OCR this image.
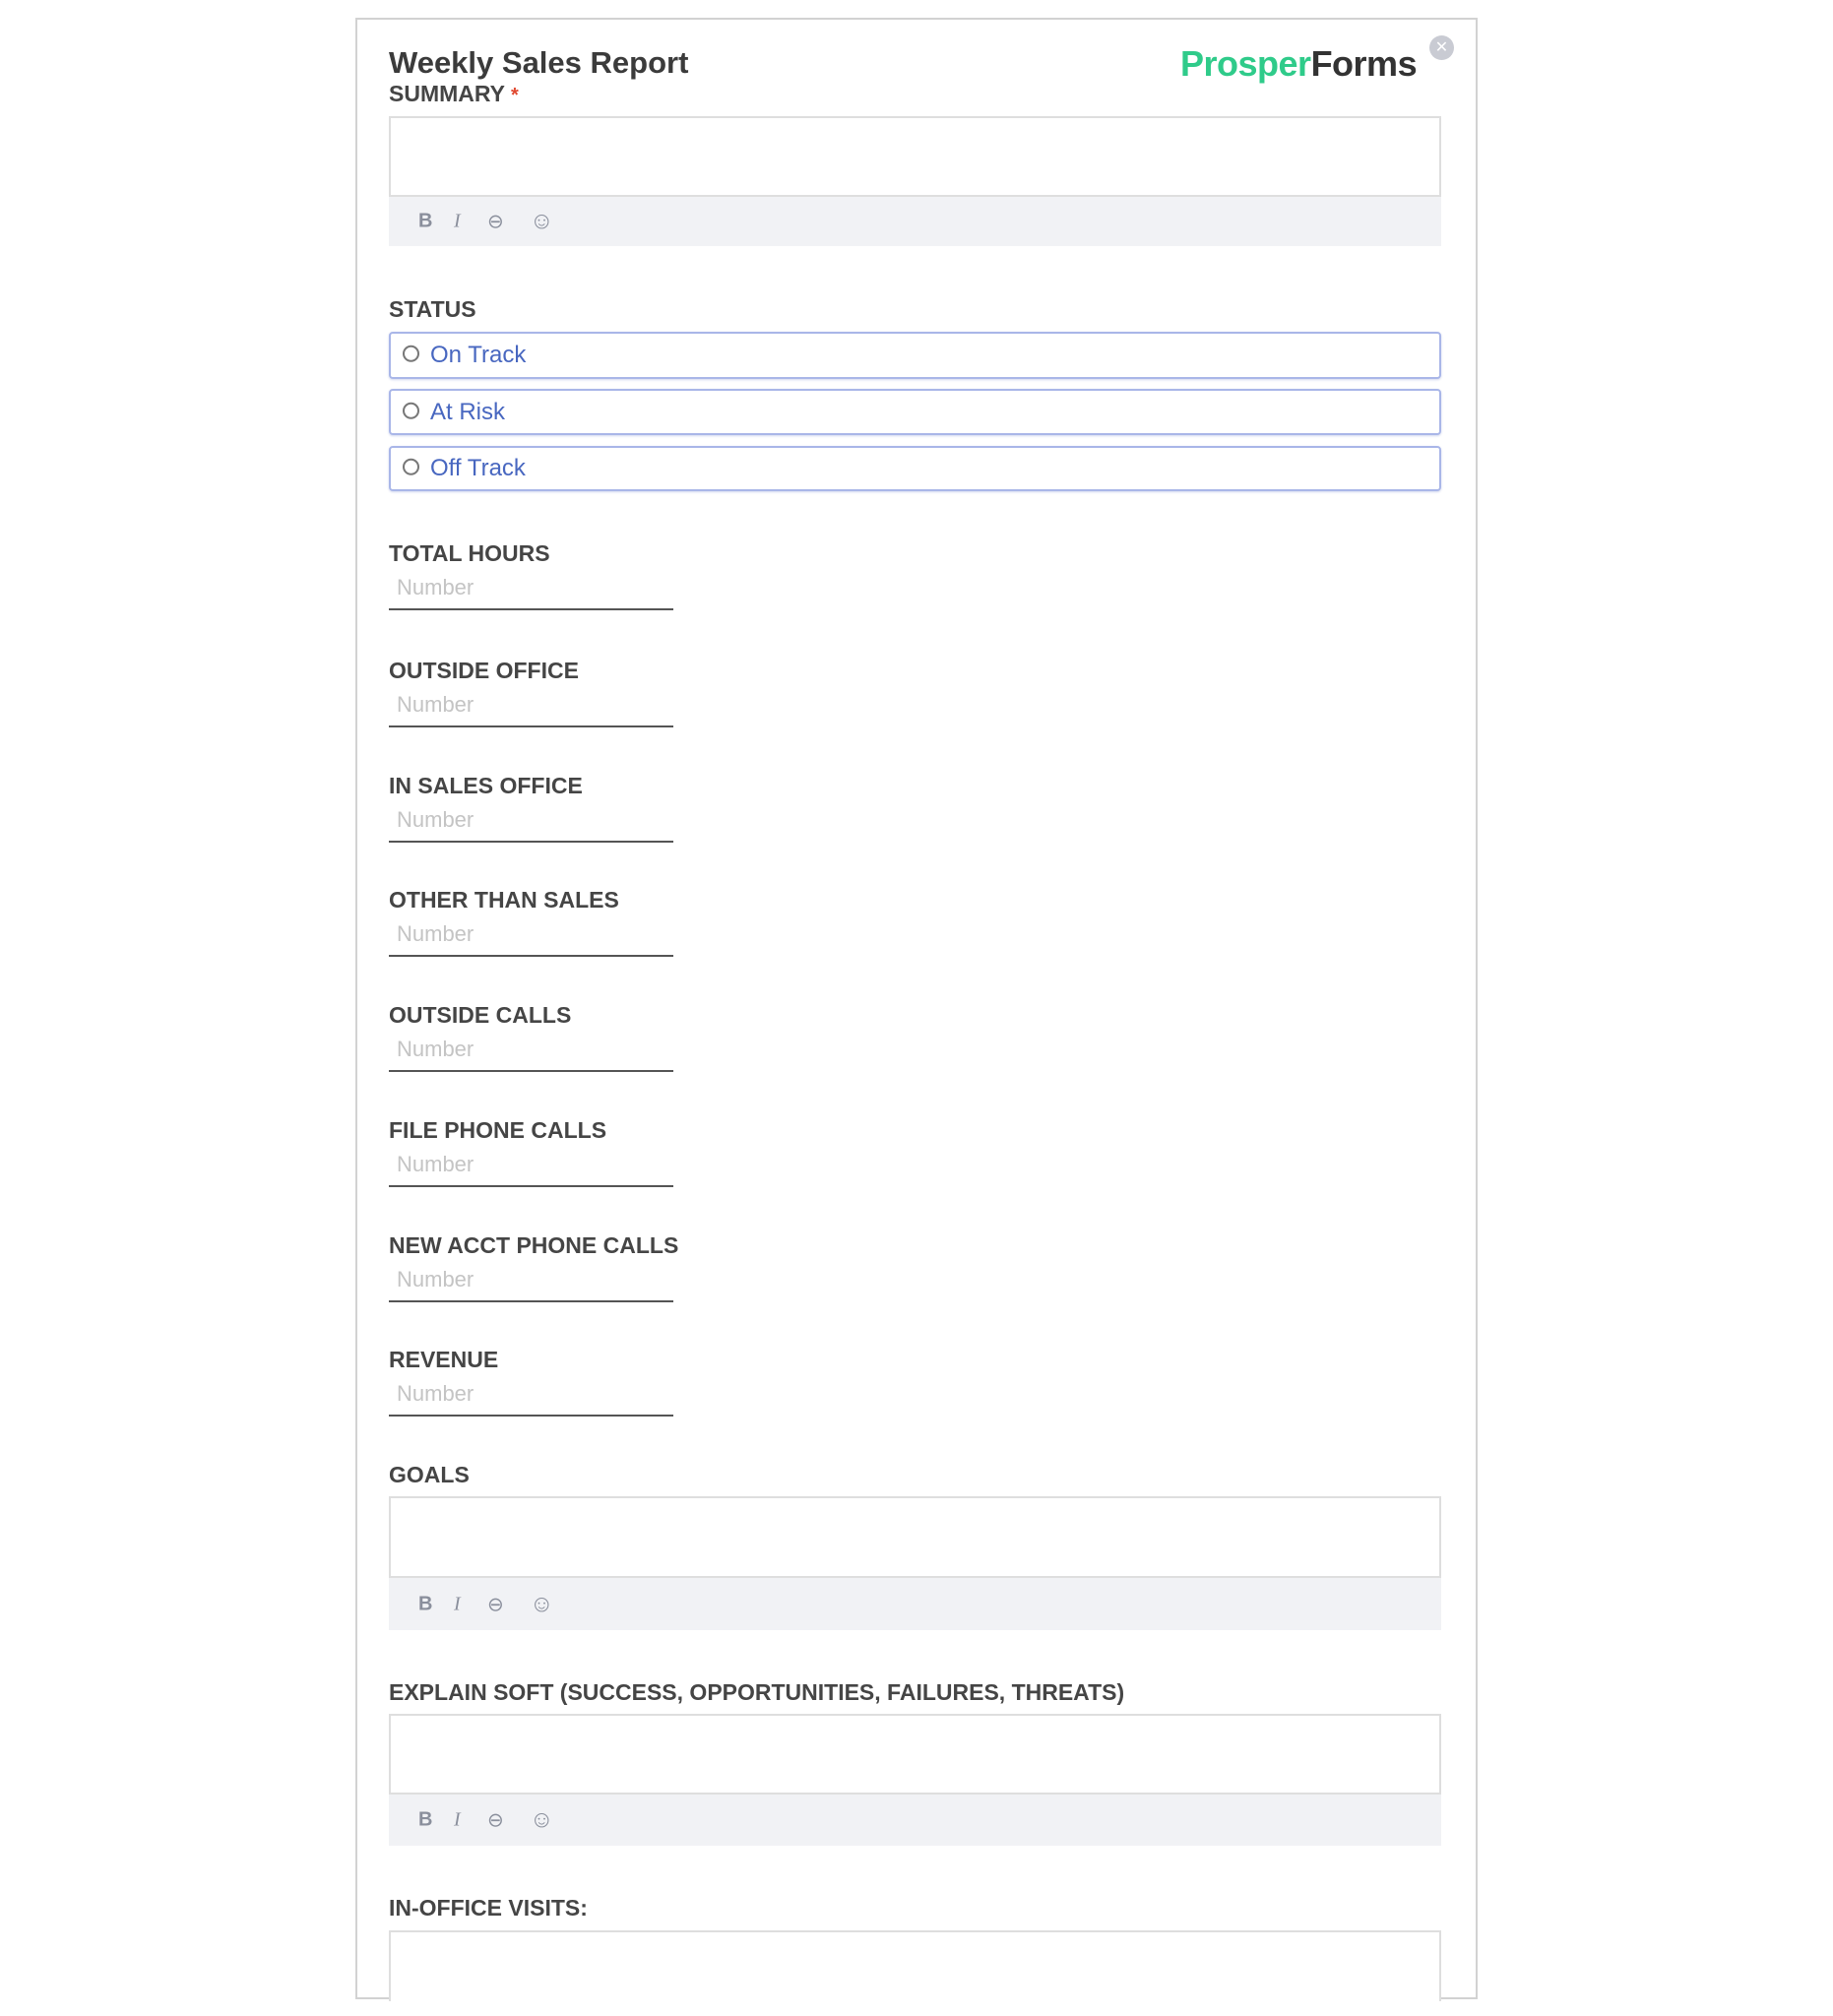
Weekly Sales Report	ProsperForms	✕
SUMMARY *
B I ⊖ ☺
STATUS
On Track
At Risk
Off Track
TOTAL HOURS
Number
OUTSIDE OFFICE
Number
IN SALES OFFICE
Number
OTHER THAN SALES
Number
OUTSIDE CALLS
Number
FILE PHONE CALLS
Number
NEW ACCT PHONE CALLS
Number
REVENUE
Number
GOALS
B I ⊖ ☺
EXPLAIN SOFT (SUCCESS, OPPORTUNITIES, FAILURES, THREATS)
B I ⊖ ☺
IN-OFFICE VISITS:
